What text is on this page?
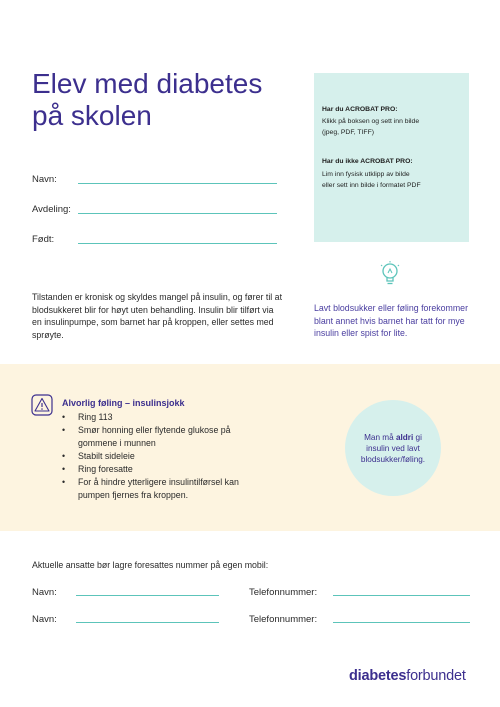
Elev med diabetes
på skolen
Navn:
Avdeling:
Født:
Har du ACROBAT PRO:
Klikk på boksen og sett inn bilde
(jpeg, PDF, TIFF)
Har du ikke ACROBAT PRO:
Lim inn fysisk utklipp av bilde
eller sett inn bilde i formatet PDF
Tilstanden er kronisk og skyldes mangel på insulin, og fører til at blodsukkeret blir for høyt uten behandling. Insulin blir tilført via en insulinpumpe, som barnet har på kroppen, eller settes med sprøyte.
Lavt blodsukker eller føling forekommer blant annet hvis barnet har tatt for mye insulin eller spist for lite.
Alvorlig føling – insulinsjokk
• Ring 113
• Smør honning eller flytende glukose på gommene i munnen
• Stabilt sideleie
• Ring foresatte
• For å hindre ytterligere insulintilførsel kan pumpen fjernes fra kroppen.
Man må aldri gi insulin ved lavt blodsukker/føling.
Aktuelle ansatte bør lagre foresattes nummer på egen mobil:
Navn:	Telefonnummer:
Navn:	Telefonnummer:
diabetesforbundet
